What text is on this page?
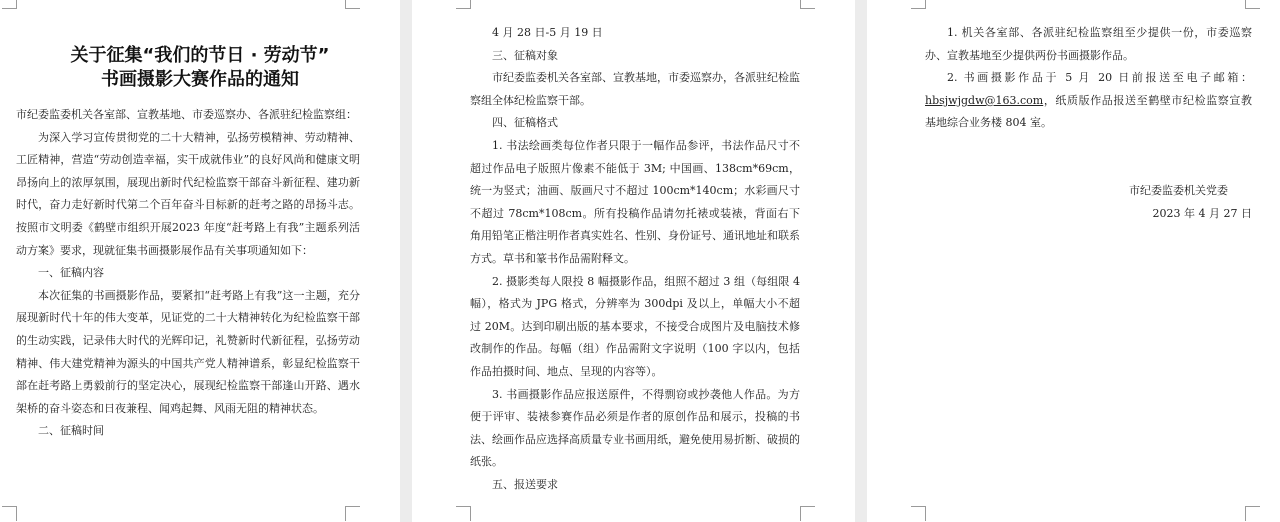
关于征集“我们的节日 · 劳动节”
书画摄影大赛作品的通知

市纪委监委机关各室部、宣教基地、市委巡察办、各派驻纪检监察组：

为深入学习宣传贯彻党的二十大精神，弘扬劳模精神、劳动精神、工匠精神，营造“劳动创造幸福，实干成就伟业”的良好风尚和健康文明昂扬向上的浓厚氛围，展现出新时代纪检监察干部奋斗新征程、建功新时代，奋力走好新时代第二个百年奋斗目标新的赶考之路的昂扬斗志。按照市文明委《鹤壁市组织开展2023 年度“赶考路上有我”主题系列活动方案》要求，现就征集书画摄影展作品有关事项通知如下：

一、征稿内容

本次征集的书画摄影作品，要紧扣“赶考路上有我”这一主题，充分展现新时代十年的伟大变革，见证党的二十大精神转化为纪检监察干部的生动实践，记录伟大时代的光辉印记，礼赞新时代新征程，弘扬劳动精神、伟大建党精神为源头的中国共产党人精神谱系，彰显纪检监察干部在赶考路上勇毅前行的坚定决心，展现纪检监察干部逢山开路、遇水架桥的奋斗姿态和日夜兼程、闻鸡起舞、风雨无阻的精神状态。

二、征稿时间

4 月 28 日-5 月 19 日

三、征稿对象

市纪委监委机关各室部、宣教基地，市委巡察办，各派驻纪检监察组全体纪检监察干部。

四、征稿格式

1. 书法绘画类每位作者只限于一幅作品参评，书法作品尺寸不超过作品电子版照片像素不能低于 3M; 中国画、138cm*69cm，统一为竖式；油画、版画尺寸不超过 100cm*140cm；水彩画尺寸不超过 78cm*108cm。所有投稿作品请勿托裱或装裱，背面右下角用铅笔正楷注明作者真实姓名、性别、身份证号、通讯地址和联系方式。草书和篆书作品需附释文。

2. 摄影类每人限投 8 幅摄影作品，组照不超过 3 组（每组限 4 幅），格式为 JPG 格式，分辨率为 300dpi 及以上，单幅大小不超过 20M。达到印刷出版的基本要求，不接受合成图片及电脑技术修改制作的作品。每幅（组）作品需附文字说明（100 字以内，包括作品拍摄时间、地点、呈现的内容等）。

3. 书画摄影作品应报送原件，不得剽窃或抄袭他人作品。为方便于评审、装裱参赛作品必须是作者的原创作品和展示，投稿的书法、绘画作品应选择高质量专业书画用纸，避免使用易折断、破损的纸张。

五、报送要求

1. 机关各室部、各派驻纪检监察组至少提供一份，市委巡察办、宣教基地至少提供两份书画摄影作品。

2. 书画摄影作品于 5 月 20 日前报送至电子邮箱：hbsjwjgdw@163.com，纸质版作品报送至鹤壁市纪检监察宣教基地综合业务楼 804 室。

市纪委监委机关党委

2023 年 4 月 27 日
